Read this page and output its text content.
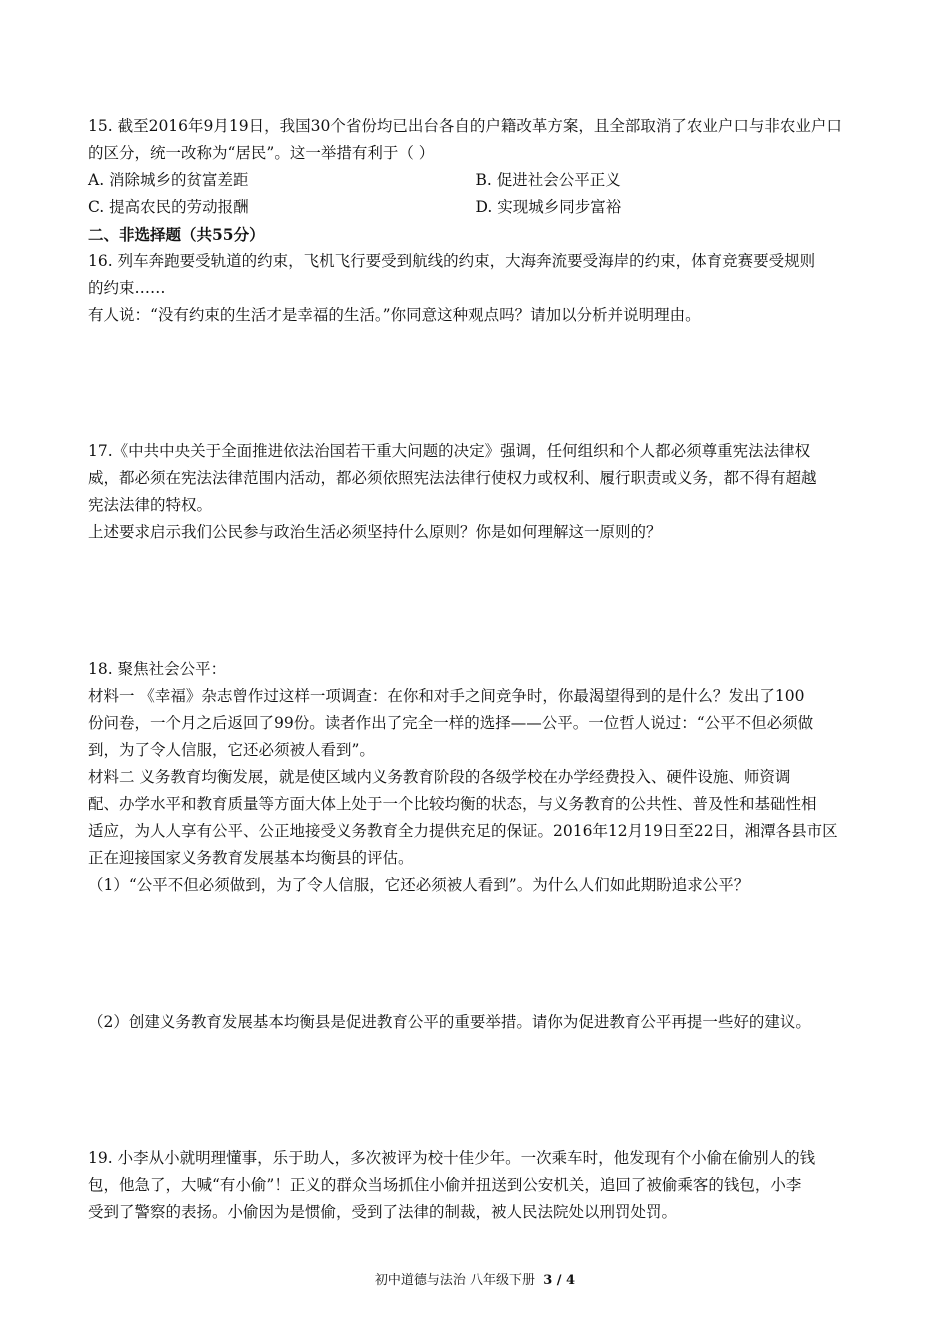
15. 截至2016年9月19日，我国30个省份均已出台各自的户籍改革方案，且全部取消了农业户口与非农业户口
的区分，统一改称为“居民”。这一举措有利于（ ）
A. 消除城乡的贫富差距	B. 促进社会公平正义
C. 提高农民的劳动报酬	D. 实现城乡同步富裕
二、非选择题（共55分）
16. 列车奔跑要受轨道的约束，飞机飞行要受到航线的约束，大海奔流要受海岸的约束，体育竞赛要受规则
的约束……
有人说：“没有约束的生活才是幸福的生活。”你同意这种观点吗？请加以分析并说明理由。
17.《中共中央关于全面推进依法治国若干重大问题的决定》强调，任何组织和个人都必须尊重宪法法律权
威，都必须在宪法法律范围内活动，都必须依照宪法法律行使权力或权利、履行职责或义务，都不得有超越
宪法法律的特权。
上述要求启示我们公民参与政治生活必须坚持什么原则？你是如何理解这一原则的？
18. 聚焦社会公平：
材料一 《幸福》杂志曾作过这样一项调查：在你和对手之间竞争时，你最渴望得到的是什么？发出了100
份问卷，一个月之后返回了99份。读者作出了完全一样的选择——公平。一位哲人说过：“公平不但必须做
到，为了令人信服，它还必须被人看到”。
材料二 义务教育均衡发展，就是使区域内义务教育阶段的各级学校在办学经费投入、硬件设施、师资调
配、办学水平和教育质量等方面大体上处于一个比较均衡的状态，与义务教育的公共性、普及性和基础性相
适应，为人人享有公平、公正地接受义务教育全力提供充足的保证。2016年12月19日至22日，湘潭各县市区
正在迎接国家义务教育发展基本均衡县的评估。
（1）“公平不但必须做到，为了令人信服，它还必须被人看到”。为什么人们如此期盼追求公平？
（2）创建义务教育发展基本均衡县是促进教育公平的重要举措。请你为促进教育公平再提一些好的建议。
19. 小李从小就明理懂事，乐于助人，多次被评为校十佳少年。一次乘车时，他发现有个小偷在偷别人的钱
包，他急了，大喊“有小偷”！正义的群众当场抓住小偷并扭送到公安机关，追回了被偷乘客的钱包，小李
受到了警察的表扬。小偷因为是惯偷，受到了法律的制裁，被人民法院处以刑罚处罚。
初中道德与法治 八年级下册 3 / 4
